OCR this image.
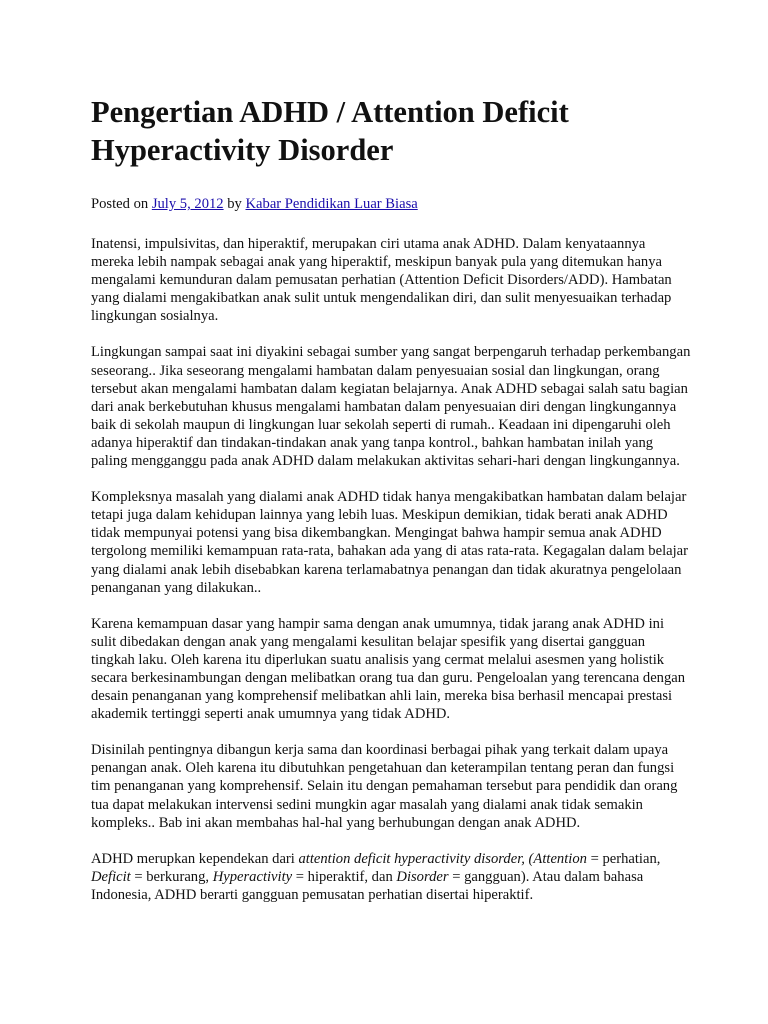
Pengertian ADHD / Attention Deficit Hyperactivity Disorder
Posted on July 5, 2012 by Kabar Pendidikan Luar Biasa

Inatensi, impulsivitas, dan hiperaktif, merupakan ciri utama anak ADHD. Dalam kenyataannya mereka lebih nampak sebagai anak yang hiperaktif, meskipun banyak pula yang ditemukan hanya mengalami kemunduran dalam pemusatan perhatian (Attention Deficit Disorders/ADD). Hambatan yang dialami mengakibatkan anak sulit untuk mengendalikan diri, dan sulit menyesuaikan terhadap lingkungan sosialnya.

Lingkungan sampai saat ini diyakini sebagai sumber yang sangat berpengaruh terhadap perkembangan seseorang.. Jika seseorang mengalami hambatan dalam penyesuaian sosial dan lingkungan, orang tersebut akan mengalami hambatan dalam kegiatan belajarnya. Anak ADHD sebagai salah satu bagian dari anak berkebutuhan khusus mengalami hambatan dalam penyesuaian diri dengan lingkungannya baik di sekolah maupun di lingkungan luar sekolah seperti di rumah.. Keadaan ini dipengaruhi oleh adanya hiperaktif dan tindakan-tindakan anak yang tanpa kontrol., bahkan hambatan inilah yang paling mengganggu pada anak ADHD dalam melakukan aktivitas sehari-hari dengan lingkungannya.

Kompleksnya masalah yang dialami anak ADHD tidak hanya mengakibatkan hambatan dalam belajar tetapi juga dalam kehidupan lainnya yang lebih luas. Meskipun demikian, tidak berati anak ADHD tidak mempunyai potensi yang bisa dikembangkan. Mengingat bahwa hampir semua anak ADHD tergolong memiliki kemampuan rata-rata, bahakan ada yang di atas rata-rata. Kegagalan dalam belajar yang dialami anak lebih disebabkan karena terlamabatnya penangan dan tidak akuratnya pengelolaan penanganan yang dilakukan..

Karena kemampuan dasar yang hampir sama dengan anak umumnya, tidak jarang anak ADHD ini sulit dibedakan dengan anak yang mengalami kesulitan belajar spesifik yang disertai gangguan tingkah laku. Oleh karena itu diperlukan suatu analisis yang cermat melalui asesmen yang holistik secara berkesinambungan dengan melibatkan orang tua dan guru. Pengeloalan yang terencana dengan desain penanganan yang komprehensif melibatkan ahli lain, mereka bisa berhasil mencapai prestasi akademik tertinggi seperti anak umumnya yang tidak ADHD.

Disinilah pentingnya dibangun kerja sama dan koordinasi berbagai pihak yang terkait dalam upaya penangan anak. Oleh karena itu dibutuhkan pengetahuan dan keterampilan tentang peran dan fungsi tim penanganan yang komprehensif. Selain itu dengan pemahaman tersebut para pendidik dan orang tua dapat melakukan intervensi sedini mungkin agar masalah yang dialami anak tidak semakin kompleks.. Bab ini akan membahas hal-hal yang berhubungan dengan anak ADHD.

ADHD merupkan kependekan dari attention deficit hyperactivity disorder, (Attention = perhatian, Deficit = berkurang, Hyperactivity = hiperaktif, dan Disorder = gangguan). Atau dalam bahasa Indonesia, ADHD berarti gangguan pemusatan perhatian disertai hiperaktif.
